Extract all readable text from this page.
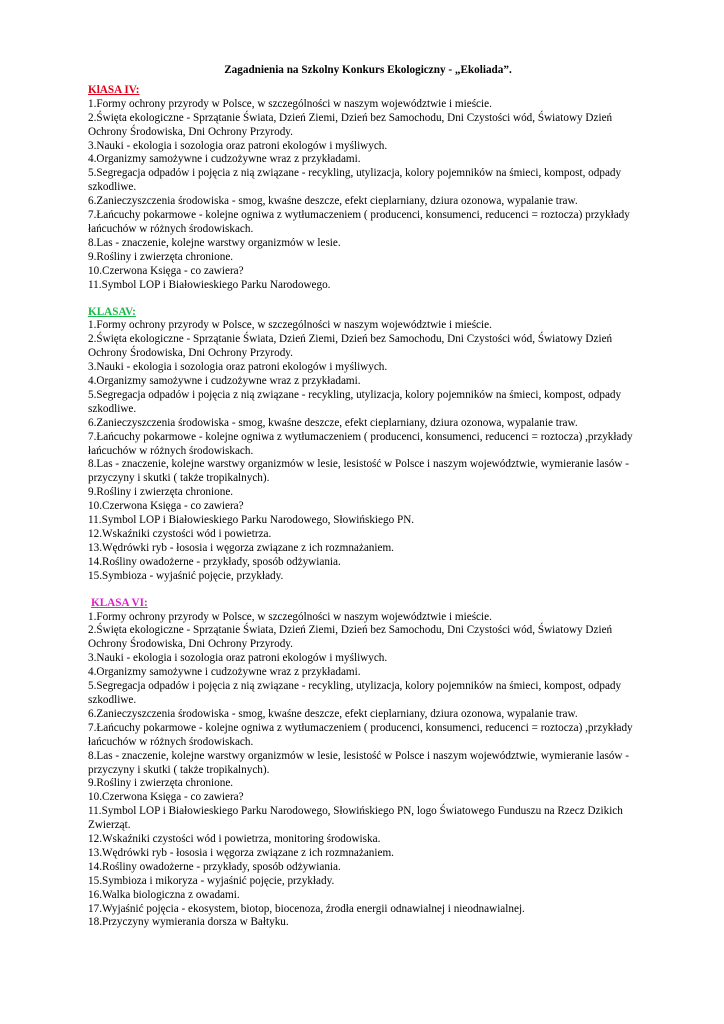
Zagadnienia na Szkolny Konkurs Ekologiczny - „Ekoliada”.
KlASA IV:
1.Formy ochrony przyrody w Polsce, w szczególności w naszym województwie i mieście.
2.Święta ekologiczne - Sprzątanie Świata, Dzień Ziemi, Dzień bez Samochodu, Dni Czystości wód, Światowy Dzień Ochrony Środowiska, Dni Ochrony Przyrody.
3.Nauki - ekologia i sozologia oraz patroni ekologów i myśliwych.
4.Organizmy samożywne i cudzożywne wraz z przykładami.
5.Segregacja odpadów i pojęcia z nią związane - recykling, utylizacja, kolory pojemników na śmieci, kompost, odpady szkodliwe.
6.Zanieczyszczenia środowiska - smog, kwaśne deszcze, efekt cieplarniany, dziura ozonowa, wypalanie traw.
7.Łańcuchy pokarmowe - kolejne ogniwa z wytłumaczeniem ( producenci, konsumenci, reducenci = roztocza) przykłady łańcuchów w różnych środowiskach.
8.Las - znaczenie, kolejne warstwy organizmów w lesie.
9.Rośliny i zwierzęta chronione.
10.Czerwona Księga - co zawiera?
11.Symbol LOP i Białowieskiego Parku Narodowego.
KLASAV:
1.Formy ochrony przyrody w Polsce, w szczególności w naszym województwie i mieście.
2.Święta ekologiczne - Sprzątanie Świata, Dzień Ziemi, Dzień bez Samochodu, Dni Czystości wód, Światowy Dzień Ochrony Środowiska, Dni Ochrony Przyrody.
3.Nauki - ekologia i sozologia oraz patroni ekologów i myśliwych.
4.Organizmy samożywne i cudzożywne wraz z przykładami.
5.Segregacja odpadów i pojęcia z nią związane - recykling, utylizacja, kolory pojemników na śmieci, kompost, odpady szkodliwe.
6.Zanieczyszczenia środowiska - smog, kwaśne deszcze, efekt cieplarniany, dziura ozonowa, wypalanie traw.
7.Łańcuchy pokarmowe - kolejne ogniwa z wytłumaczeniem ( producenci, konsumenci, reducenci = roztocza) ,przykłady łańcuchów w różnych środowiskach.
8.Las - znaczenie, kolejne warstwy organizmów w lesie, lesistość w Polsce i naszym województwie, wymieranie lasów - przyczyny i skutki ( także tropikalnych).
9.Rośliny i zwierzęta chronione.
10.Czerwona Księga - co zawiera?
11.Symbol LOP i Białowieskiego Parku Narodowego, Słowińskiego PN.
12.Wskaźniki czystości wód i powietrza.
13.Wędrówki ryb - łososia i węgorza związane z ich rozmnażaniem.
14.Rośliny owadożerne - przykłady, sposób odżywiania.
15.Symbioza - wyjaśnić pojęcie, przykłady.
KLASA VI:
1.Formy ochrony przyrody w Polsce, w szczególności w naszym województwie i mieście.
2.Święta ekologiczne - Sprzątanie Świata, Dzień Ziemi, Dzień bez Samochodu, Dni Czystości wód, Światowy Dzień Ochrony Środowiska, Dni Ochrony Przyrody.
3.Nauki - ekologia i sozologia oraz patroni ekologów i myśliwych.
4.Organizmy samożywne i cudzożywne wraz z przykładami.
5.Segregacja odpadów i pojęcia z nią związane - recykling, utylizacja, kolory pojemników na śmieci, kompost, odpady szkodliwe.
6.Zanieczyszczenia środowiska - smog, kwaśne deszcze, efekt cieplarniany, dziura ozonowa, wypalanie traw.
7.Łańcuchy pokarmowe - kolejne ogniwa z wytłumaczeniem ( producenci, konsumenci, reducenci = roztocza) ,przykłady łańcuchów w różnych środowiskach.
8.Las - znaczenie, kolejne warstwy organizmów w lesie, lesistość w Polsce i naszym województwie, wymieranie lasów - przyczyny i skutki ( także tropikalnych).
9.Rośliny i zwierzęta chronione.
10.Czerwona Księga - co zawiera?
11.Symbol LOP i Białowieskiego Parku Narodowego, Słowińskiego PN, logo Światowego Funduszu na Rzecz Dzikich Zwierząt.
12.Wskaźniki czystości wód i powietrza, monitoring środowiska.
13.Wędrówki ryb - łososia i węgorza związane z ich rozmnażaniem.
14.Rośliny owadożerne - przykłady, sposób odżywiania.
15.Symbioza i mikoryza - wyjaśnić pojęcie, przykłady.
16.Walka biologiczna z owadami.
17.Wyjaśnić pojęcia - ekosystem, biotop, biocenoza, źrodła energii odnawialnej i nieodnawialnej.
18.Przyczyny wymierania dorsza w Bałtyku.
